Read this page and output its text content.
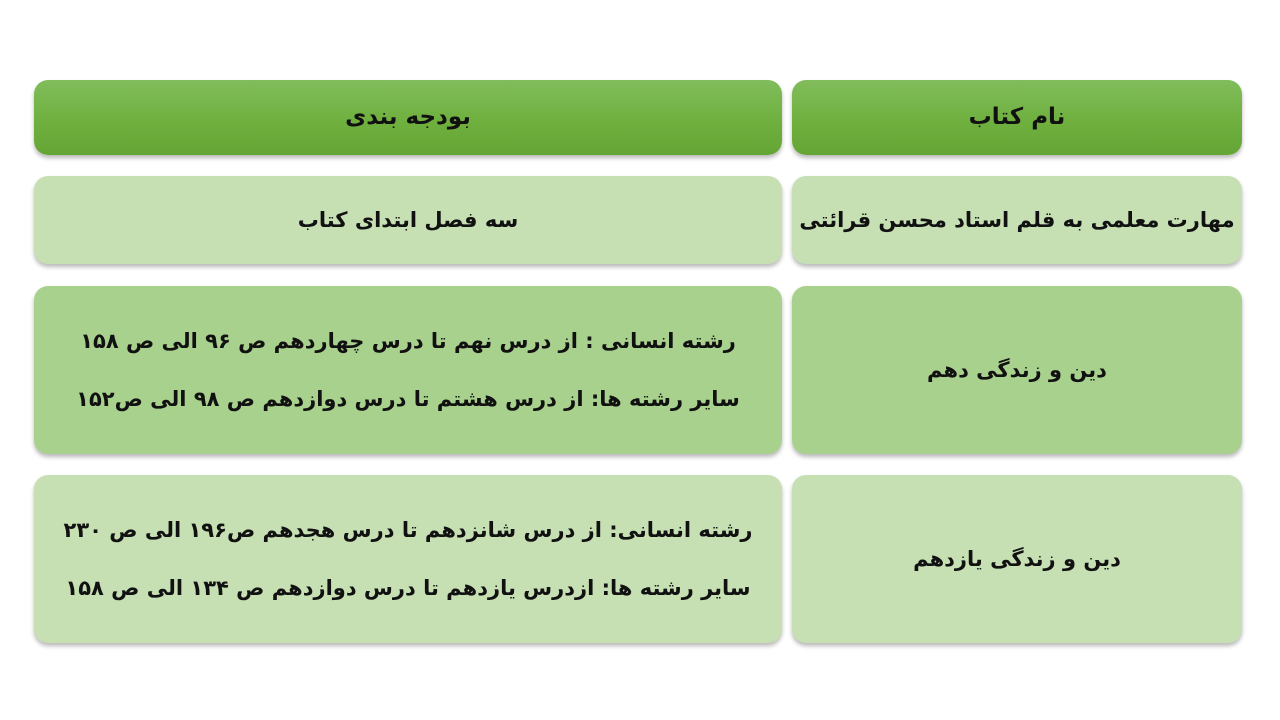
نام کتاب
بودجه بندی
مهارت معلمی به قلم استاد محسن قرائتی
سه فصل ابتدای کتاب
دین و زندگی دهم
رشته انسانی : از درس نهم تا درس چهاردهم ص ۹۶ الی ص ۱۵۸
سایر رشته ها: از درس هشتم تا درس دوازدهم ص ۹۸ الی ص۱۵۲
دین و زندگی یازدهم
رشته انسانی: از درس شانزدهم تا درس هجدهم ص۱۹۶ الی ص ۲۳۰
سایر رشته ها: ازدرس یازدهم تا درس دوازدهم ص ۱۳۴ الی ص ۱۵۸
